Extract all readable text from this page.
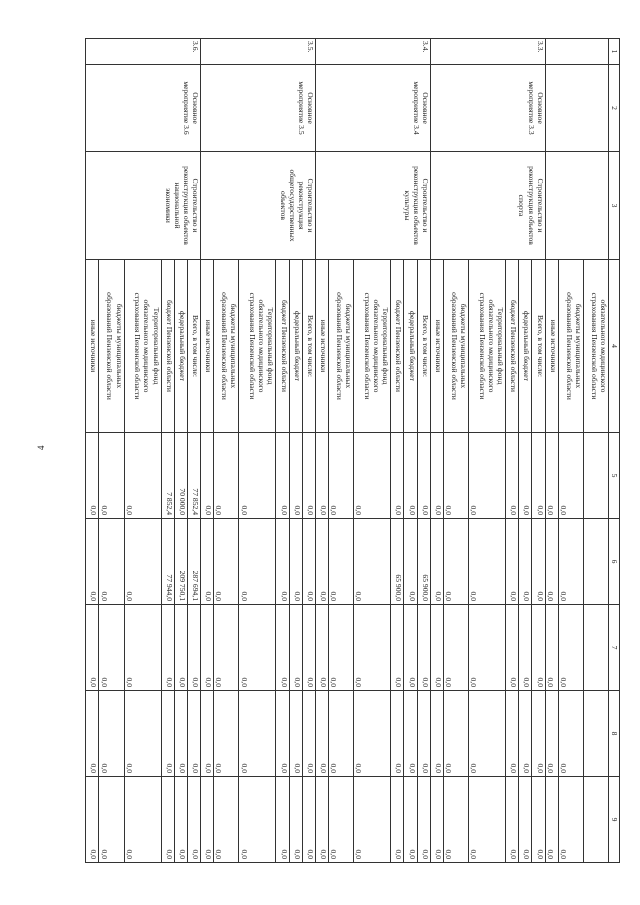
4
1	2	3	4	5	6	7	8	9

			обязательного медицинского
страхования Пензенской области					

			бюджеты муниципальных
образований Пензенской области	0,0	0,0	0,0	0,0	0,0

			иные источники	0,0	0,0	0,0	0,0	0,0
3.3.	Основное
мероприятие 3.3	Строительство и
реконструкция объектов
спорта	Всего, в том числе:	0,0	0,0	0,0	0,0	0,0

			федеральный бюджет	0,0	0,0	0,0	0,0	0,0

			бюджет Пензенской области	0,0	0,0	0,0	0,0	0,0

			Территориальный фонд
обязательного медицинского
страхования Пензенской области	0,0	0,0	0,0	0,0	0,0

			бюджеты муниципальных
образований Пензенской области	0,0	0,0	0,0	0,0	0,0

			иные источники	0,0	0,0	0,0	0,0	0,0
3.4.	Основное
мероприятие 3.4	Строительство и
реконструкция объектов
культуры	Всего, в том числе:	0,0	65 900,0	0,0	0,0	0,0

			федеральный бюджет	0,0	0,0	0,0	0,0	0,0

			бюджет Пензенской области	0,0	65 900,0	0,0	0,0	0,0

			Территориальный фонд
обязательного медицинского
страхования Пензенской области	0,0	0,0	0,0	0,0	0,0

			бюджеты муниципальных
образований Пензенской области	0,0	0,0	0,0	0,0	0,0

			иные источники	0,0	0,0	0,0	0,0	0,0
3.5.	Основное
мероприятие 3.5	Строительство и
реконструкция
общегосударственных
объектов	Всего, в том числе:	0,0	0,0	0,0	0,0	0,0

			федеральный бюджет	0,0	0,0	0,0	0,0	0,0

			бюджет Пензенской области	0,0	0,0	0,0	0,0	0,0

			Территориальный фонд
обязательного медицинского
страхования Пензенской области	0,0	0,0	0,0	0,0	0,0

			бюджеты муниципальных
образований Пензенской области	0,0	0,0	0,0	0,0	0,0

			иные источники	0,0	0,0	0,0	0,0	0,0
3.6.	Основное
мероприятие 3.6	Строительство и
реконструкция объектов
национальной
экономики	Всего, в том числе:	77 852,4	287 694,1	0,0	0,0	0,0

			федеральный бюджет	70 000,0	209 750,1	0,0	0,0	0,0

			бюджет Пензенской области	7 852,4	77 944,0	0,0	0,0	0,0

			Территориальный фонд
обязательного медицинского
страхования Пензенской области	0,0	0,0	0,0	0,0	0,0

			бюджеты муниципальных
образований Пензенской области	0,0	0,0	0,0	0,0	0,0

			иные источники	0,0	0,0	0,0	0,0	0,0
